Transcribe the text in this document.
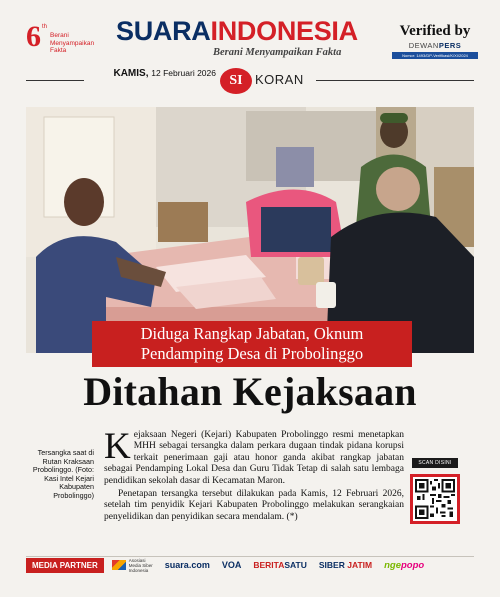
6 th
Berani Menyampaikan Fakta
SUARAINDONESIA
Berani Menyampaikan Fakta
Verified by
DEWANPERS
Nomor: 1493/DP-Verifikasi/K/XI/2024
KAMIS, 12 Februari 2026 SI KORAN
Diduga Rangkap Jabatan, Oknum
Pendamping Desa di Probolinggo
Ditahan Kejaksaan
Tersangka saat di Rutan Kraksaan Probolinggo. (Foto: Kasi Intel Kejari Kabupaten Probolinggo)

Kejaksaan Negeri (Kejari) Kabupaten Probolinggo resmi menetapkan MHH sebagai tersangka dalam perkara dugaan tindak pidana korupsi terkait penerimaan gaji atau honor ganda akibat rangkap jabatan sebagai Pendamping Lokal Desa dan Guru Tidak Tetap di salah satu lembaga pendidikan sekolah dasar di Kecamatan Maron.

Penetapan tersangka tersebut dilakukan pada Kamis, 12 Februari 2026, setelah tim penyidik Kejari Kabupaten Probolinggo melakukan serangkaian penyelidikan dan penyidikan secara mendalam. (*)

SCAN DISINI
MEDIA PARTNER
Asosiasi
Media Siber
Indonesia	suara.com VOA BERITA SATU SIBER
JATIM nge popo
